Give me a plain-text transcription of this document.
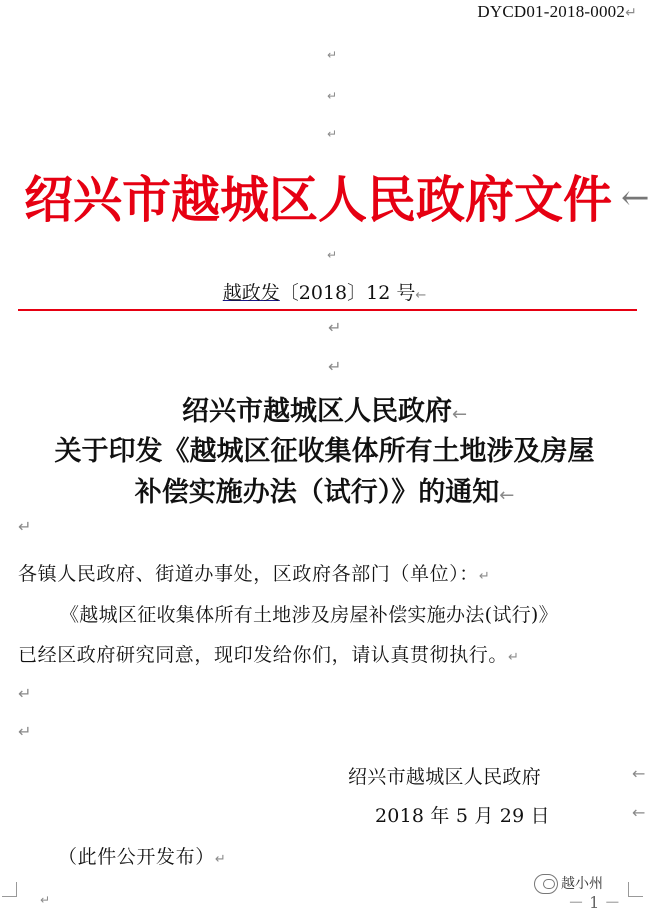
DYCD01-2018-0002↵
↵
↵
↵
绍兴市越城区人民政府文件 ←
↵
越政发〔2018〕12 号←
↵
↵
绍兴市越城区人民政府←
关于印发《越城区征收集体所有土地涉及房屋
补偿实施办法（试行）》的通知←
↵
各镇人民政府、街道办事处，区政府各部门（单位）：↵
《越城区征收集体所有土地涉及房屋补偿实施办法(试行)》
已经区政府研究同意，现印发给你们，请认真贯彻执行。↵
↵
↵
绍兴市越城区人民政府	←
2018 年 5 月 29 日	←
（此件公开发布）↵
↵
越小州
－ 1 －
